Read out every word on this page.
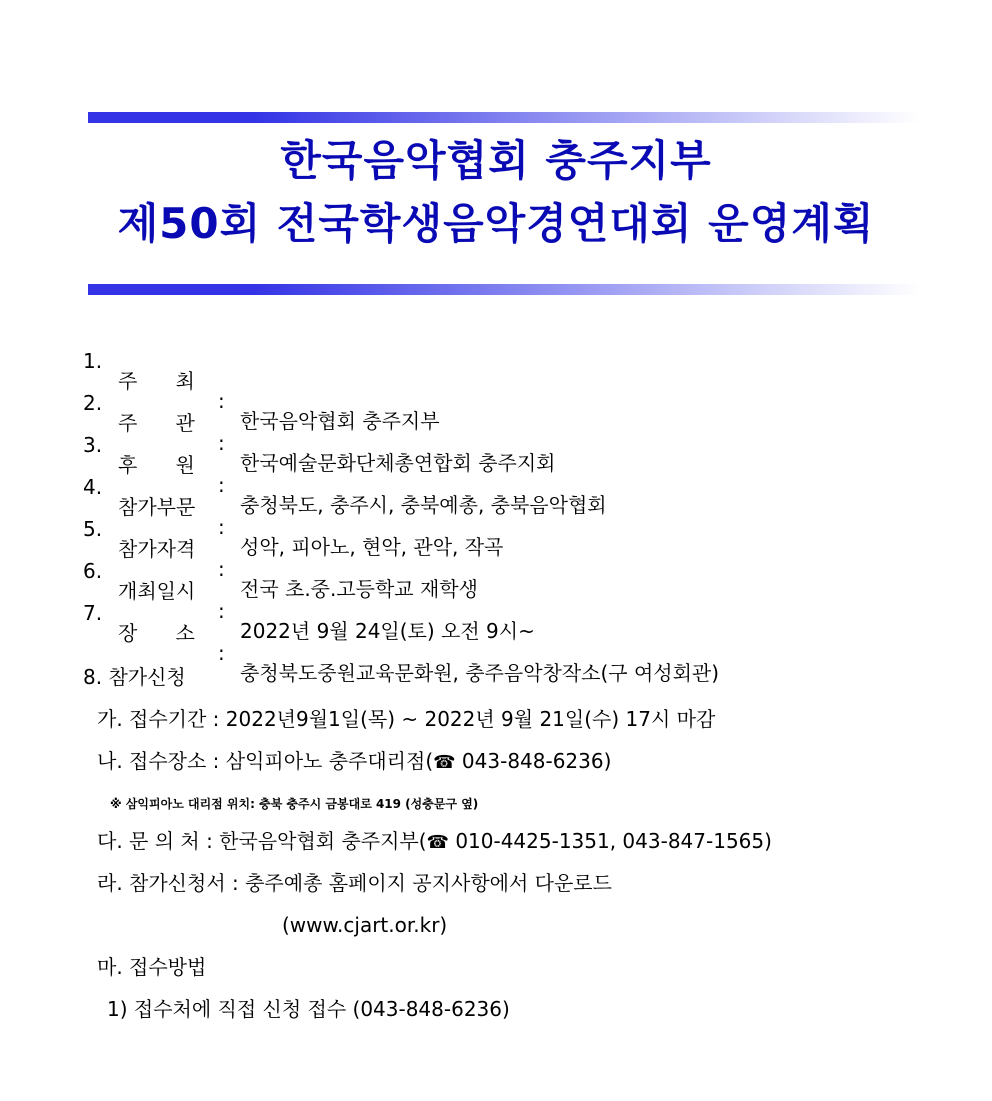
한국음악협회 충주지부
제50회 전국학생음악경연대회 운영계획

1.

주      최

:

한국음악협회 충주지부

2.

주      관

:

한국예술문화단체총연합회 충주지회

3.

후      원

:

충청북도, 충주시, 충북예총, 충북음악협회

4.

참가부문

:

성악, 피아노, 현악, 관악, 작곡

5.

참가자격

:

전국 초.중.고등학교 재학생

6.

개최일시

:

2022년 9월 24일(토) 오전 9시~

7.

장      소

:

충청북도중원교육문화원, 충주음악창작소(구 여성회관)

8. 참가신청
가. 접수기간 : 2022년9월1일(목) ~ 2022년 9월 21일(수) 17시 마감
나. 접수장소 : 삼익피아노 충주대리점(☎ 043-848-6236)
※ 삼익피아노 대리점 위치: 충북 충주시 금봉대로 419 (성충문구 옆)
다. 문 의 처 : 한국음악협회 충주지부(☎ 010-4425-1351, 043-847-1565)
라. 참가신청서 : 충주예총 홈페이지 공지사항에서 다운로드
(www.cjart.or.kr)
마. 접수방법
1) 접수처에 직접 신청 접수 (043-848-6236)
